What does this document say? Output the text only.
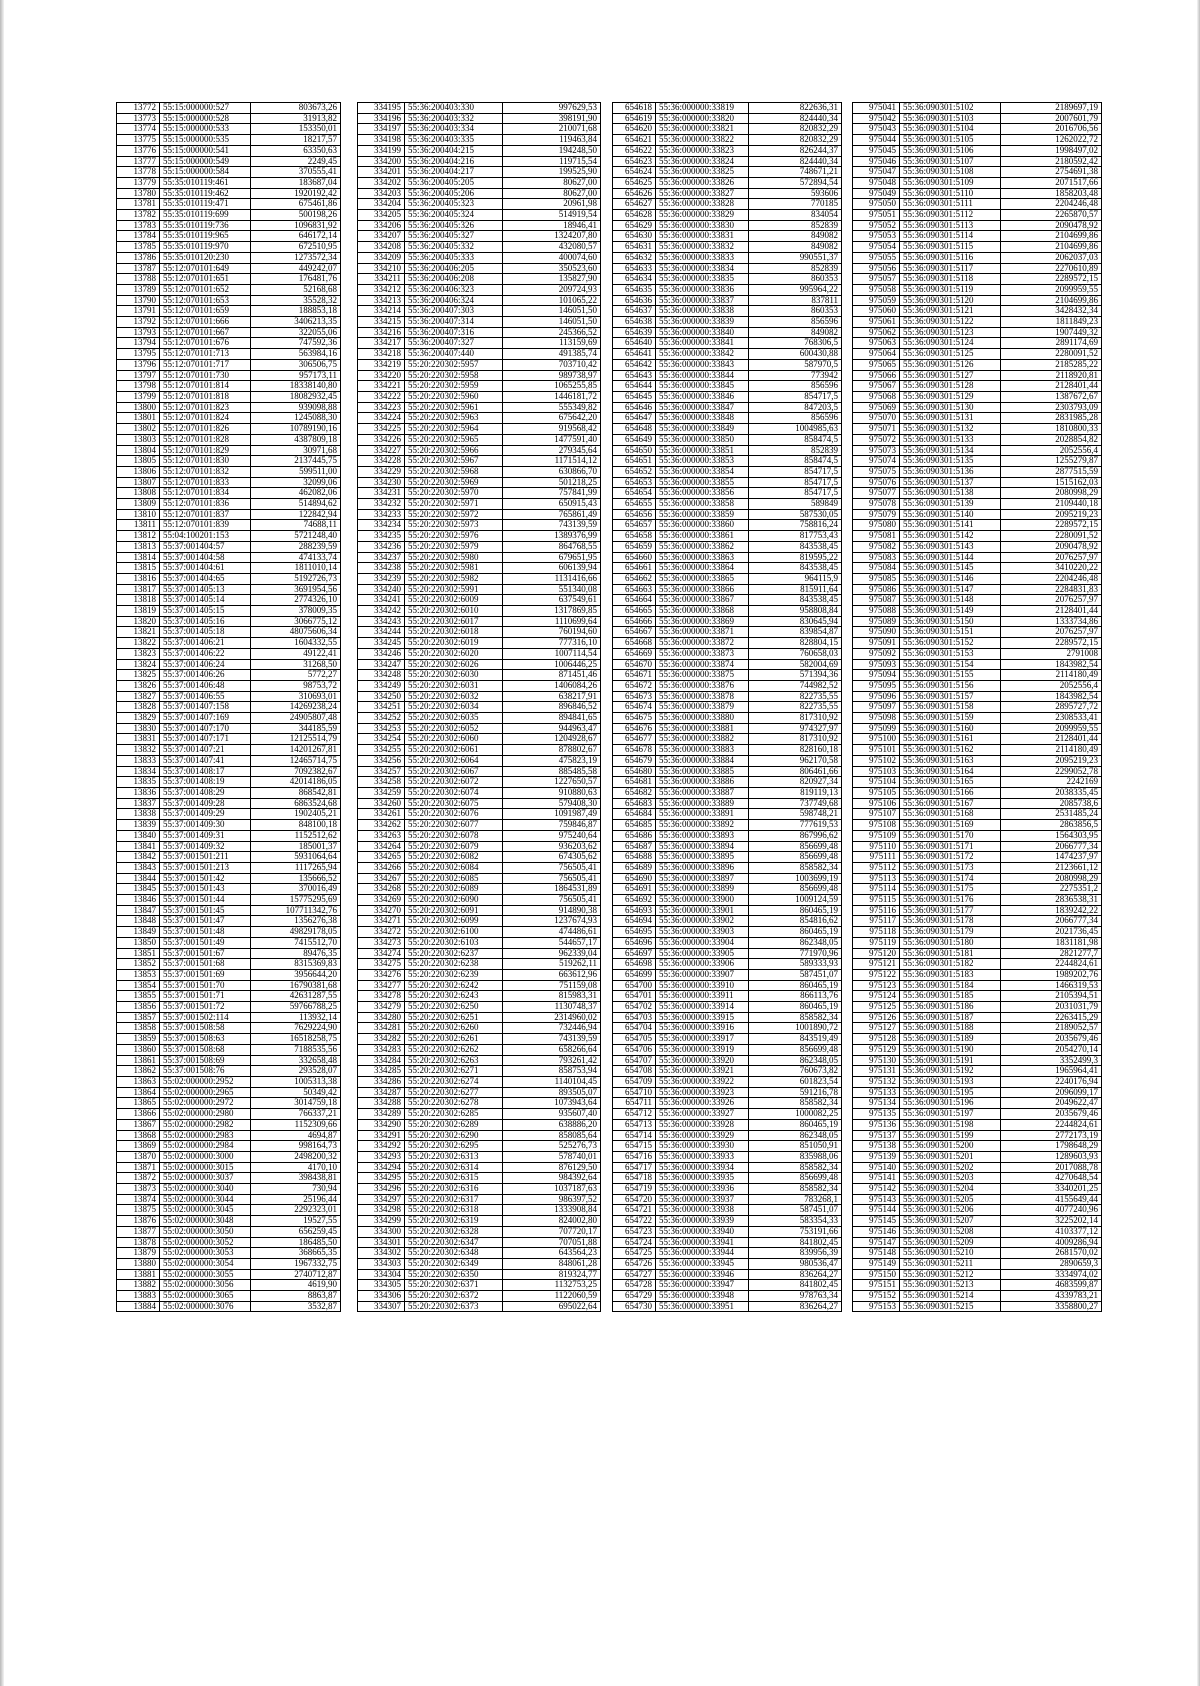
13772	55:15:000000:527	803673,26
13773	55:15:000000:528	31913,82
13774	55:15:000000:533	153350,01
13775	55:15:000000:535	18217,57
13776	55:15:000000:541	63350,63
13777	55:15:000000:549	2249,45
13778	55:15:000000:584	370555,41
13779	55:35:010119:461	183687,04
13780	55:35:010119:462	1920192,42
13781	55:35:010119:471	675461,86
13782	55:35:010119:699	500198,26
13783	55:35:010119:736	1096831,92
13784	55:35:010119:965	646172,14
13785	55:35:010119:970	672510,95
13786	55:35:010120:230	1273572,34
13787	55:12:070101:649	449242,07
13788	55:12:070101:651	176481,76
13789	55:12:070101:652	52168,68
13790	55:12:070101:653	35528,32
13791	55:12:070101:659	188853,18
13792	55:12:070101:666	3406213,35
13793	55:12:070101:667	322055,06
13794	55:12:070101:676	747592,36
13795	55:12:070101:713	563984,16
13796	55:12:070101:717	306506,75
13797	55:12:070101:730	957173,11
13798	55:12:070101:814	18338140,80
13799	55:12:070101:818	18082932,45
13800	55:12:070101:823	939098,88
13801	55:12:070101:824	1245088,30
13802	55:12:070101:826	10789190,16
13803	55:12:070101:828	4387809,18
13804	55:12:070101:829	30971,68
13805	55:12:070101:830	2137445,75
13806	55:12:070101:832	599511,00
13807	55:12:070101:833	32099,06
13808	55:12:070101:834	462082,06
13809	55:12:070101:836	514894,62
13810	55:12:070101:837	122842,94
13811	55:12:070101:839	74688,11
13812	55:04:100201:153	5721248,40
13813	55:37:001404:57	288239,59
13814	55:37:001404:58	474133,74
13815	55:37:001404:61	1811010,14
13816	55:37:001404:65	5192726,73
13817	55:37:001405:13	3691954,56
13818	55:37:001405:14	2774326,10
13819	55:37:001405:15	378009,35
13820	55:37:001405:16	3066775,12
13821	55:37:001405:18	48075606,34
13822	55:37:001406:21	1604332,55
13823	55:37:001406:22	49122,41
13824	55:37:001406:24	31268,50
13825	55:37:001406:26	5772,27
13826	55:37:001406:48	98753,72
13827	55:37:001406:55	310693,01
13828	55:37:001407:158	14269238,24
13829	55:37:001407:169	24905807,48
13830	55:37:001407:170	344185,59
13831	55:37:001407:171	12125514,79
13832	55:37:001407:21	14201267,81
13833	55:37:001407:41	12465714,75
13834	55:37:001408:17	7092382,67
13835	55:37:001408:19	42014186,05
13836	55:37:001408:29	868542,81
13837	55:37:001409:28	6863524,68
13838	55:37:001409:29	1902405,21
13839	55:37:001409:30	848100,18
13840	55:37:001409:31	1152512,62
13841	55:37:001409:32	185001,37
13842	55:37:001501:211	5931064,64
13843	55:37:001501:213	1117265,94
13844	55:37:001501:42	135666,52
13845	55:37:001501:43	370016,49
13846	55:37:001501:44	15775295,69
13847	55:37:001501:45	107711342,76
13848	55:37:001501:47	1356276,38
13849	55:37:001501:48	49829178,05
13850	55:37:001501:49	7415512,70
13851	55:37:001501:67	89476,35
13852	55:37:001501:68	8315369,83
13853	55:37:001501:69	3956644,20
13854	55:37:001501:70	16790381,68
13855	55:37:001501:71	42631287,55
13856	55:37:001501:72	59766788,25
13857	55:37:001502:114	113932,14
13858	55:37:001508:58	7629224,90
13859	55:37:001508:63	16518258,75
13860	55:37:001508:68	7188535,56
13861	55:37:001508:69	332658,48
13862	55:37:001508:76	293528,07
13863	55:02:000000:2952	1005313,38
13864	55:02:000000:2965	50349,42
13865	55:02:000000:2972	3014759,18
13866	55:02:000000:2980	766337,21
13867	55:02:000000:2982	1152309,66
13868	55:02:000000:2983	4694,87
13869	55:02:000000:2984	998164,73
13870	55:02:000000:3000	2498200,32
13871	55:02:000000:3015	4170,10
13872	55:02:000000:3037	398438,81
13873	55:02:000000:3040	730,94
13874	55:02:000000:3044	25196,44
13875	55:02:000000:3045	2292323,01
13876	55:02:000000:3048	19527,55
13877	55:02:000000:3050	656259,45
13878	55:02:000000:3052	186485,50
13879	55:02:000000:3053	368665,35
13880	55:02:000000:3054	1967332,75
13881	55:02:000000:3055	2740712,87
13882	55:02:000000:3056	4619,90
13883	55:02:000000:3065	8863,87
13884	55:02:000000:3076	3532,87
334195	55:36:200403:330	997629,53
334196	55:36:200403:332	398191,90
334197	55:36:200403:334	210071,68
334198	55:36:200403:335	119463,84
334199	55:36:200404:215	194248,50
334200	55:36:200404:216	119715,54
334201	55:36:200404:217	199525,90
334202	55:36:200405:205	80627,00
334203	55:36:200405:206	80627,00
334204	55:36:200405:323	20961,98
334205	55:36:200405:324	514919,54
334206	55:36:200405:326	18946,41
334207	55:36:200405:327	1324207,80
334208	55:36:200405:332	432080,57
334209	55:36:200405:333	400074,60
334210	55:36:200406:205	350523,60
334211	55:36:200406:208	135827,90
334212	55:36:200406:323	209724,93
334213	55:36:200406:324	101065,22
334214	55:36:200407:303	146051,50
334215	55:36:200407:314	146051,50
334216	55:36:200407:316	245366,52
334217	55:36:200407:327	113159,69
334218	55:36:200407:440	491385,74
334219	55:20:220302:5957	703710,42
334220	55:20:220302:5958	989738,97
334221	55:20:220302:5959	1065255,85
334222	55:20:220302:5960	1446181,72
334223	55:20:220302:5961	555349,82
334224	55:20:220302:5963	675642,20
334225	55:20:220302:5964	919568,42
334226	55:20:220302:5965	1477591,40
334227	55:20:220302:5966	279345,64
334228	55:20:220302:5967	1171514,12
334229	55:20:220302:5968	630866,70
334230	55:20:220302:5969	501218,25
334231	55:20:220302:5970	757841,99
334232	55:20:220302:5971	650915,43
334233	55:20:220302:5972	765861,49
334234	55:20:220302:5973	743139,59
334235	55:20:220302:5976	1389376,99
334236	55:20:220302:5979	864768,55
334237	55:20:220302:5980	679651,95
334238	55:20:220302:5981	606139,94
334239	55:20:220302:5982	1131416,66
334240	55:20:220302:5991	551340,08
334241	55:20:220302:6009	637549,61
334242	55:20:220302:6010	1317869,85
334243	55:20:220302:6017	1110699,64
334244	55:20:220302:6018	760194,60
334245	55:20:220302:6019	777316,10
334246	55:20:220302:6020	1007114,54
334247	55:20:220302:6026	1006446,25
334248	55:20:220302:6030	871451,46
334249	55:20:220302:6031	1406084,26
334250	55:20:220302:6032	638217,91
334251	55:20:220302:6034	896846,52
334252	55:20:220302:6035	894841,65
334253	55:20:220302:6052	944963,47
334254	55:20:220302:6060	1204928,67
334255	55:20:220302:6061	878802,67
334256	55:20:220302:6064	475823,19
334257	55:20:220302:6067	885485,58
334258	55:20:220302:6072	1227650,57
334259	55:20:220302:6074	910880,63
334260	55:20:220302:6075	579408,30
334261	55:20:220302:6076	1091987,49
334262	55:20:220302:6077	759846,87
334263	55:20:220302:6078	975240,64
334264	55:20:220302:6079	936203,62
334265	55:20:220302:6082	674305,62
334266	55:20:220302:6084	756505,41
334267	55:20:220302:6085	756505,41
334268	55:20:220302:6089	1864531,89
334269	55:20:220302:6090	756505,41
334270	55:20:220302:6091	914890,38
334271	55:20:220302:6099	1237674,93
334272	55:20:220302:6100	474486,61
334273	55:20:220302:6103	544657,17
334274	55:20:220302:6237	962339,04
334275	55:20:220302:6238	519262,11
334276	55:20:220302:6239	663612,96
334277	55:20:220302:6242	751159,08
334278	55:20:220302:6243	815983,31
334279	55:20:220302:6250	1130748,37
334280	55:20:220302:6251	2314960,02
334281	55:20:220302:6260	732446,94
334282	55:20:220302:6261	743139,59
334283	55:20:220302:6262	658266,64
334284	55:20:220302:6263	793261,42
334285	55:20:220302:6271	858753,94
334286	55:20:220302:6274	1140104,45
334287	55:20:220302:6277	893505,07
334288	55:20:220302:6278	1073943,64
334289	55:20:220302:6285	935607,40
334290	55:20:220302:6289	638886,20
334291	55:20:220302:6290	858085,64
334292	55:20:220302:6295	525276,73
334293	55:20:220302:6313	578740,01
334294	55:20:220302:6314	876129,50
334295	55:20:220302:6315	984392,64
334296	55:20:220302:6316	1037187,63
334297	55:20:220302:6317	986397,52
334298	55:20:220302:6318	1333908,84
334299	55:20:220302:6319	824002,80
334300	55:20:220302:6328	707720,17
334301	55:20:220302:6347	707051,88
334302	55:20:220302:6348	643564,23
334303	55:20:220302:6349	848061,28
334304	55:20:220302:6350	819324,77
334305	55:20:220302:6371	1132753,25
334306	55:20:220302:6372	1122060,59
334307	55:20:220302:6373	695022,64
654618	55:36:000000:33819	822636,31
654619	55:36:000000:33820	824440,34
654620	55:36:000000:33821	820832,29
654621	55:36:000000:33822	820832,29
654622	55:36:000000:33823	826244,37
654623	55:36:000000:33824	824440,34
654624	55:36:000000:33825	748671,21
654625	55:36:000000:33826	572894,54
654626	55:36:000000:33827	593606
654627	55:36:000000:33828	770185
654628	55:36:000000:33829	834054
654629	55:36:000000:33830	852839
654630	55:36:000000:33831	849082
654631	55:36:000000:33832	849082
654632	55:36:000000:33833	990551,37
654633	55:36:000000:33834	852839
654634	55:36:000000:33835	860353
654635	55:36:000000:33836	995964,22
654636	55:36:000000:33837	837811
654637	55:36:000000:33838	860353
654638	55:36:000000:33839	856596
654639	55:36:000000:33840	849082
654640	55:36:000000:33841	768306,5
654641	55:36:000000:33842	600430,88
654642	55:36:000000:33843	587970,5
654643	55:36:000000:33844	773942
654644	55:36:000000:33845	856596
654645	55:36:000000:33846	854717,5
654646	55:36:000000:33847	847203,5
654647	55:36:000000:33848	856596
654648	55:36:000000:33849	1004985,63
654649	55:36:000000:33850	858474,5
654650	55:36:000000:33851	852839
654651	55:36:000000:33853	858474,5
654652	55:36:000000:33854	854717,5
654653	55:36:000000:33855	854717,5
654654	55:36:000000:33856	854717,5
654655	55:36:000000:33858	589849
654656	55:36:000000:33859	587530,05
654657	55:36:000000:33860	758816,24
654658	55:36:000000:33861	817753,43
654659	55:36:000000:33862	843538,45
654660	55:36:000000:33863	819595,22
654661	55:36:000000:33864	843538,45
654662	55:36:000000:33865	964115,9
654663	55:36:000000:33866	815911,64
654664	55:36:000000:33867	843538,45
654665	55:36:000000:33868	958808,84
654666	55:36:000000:33869	830645,94
654667	55:36:000000:33871	839854,87
654668	55:36:000000:33872	828804,15
654669	55:36:000000:33873	760658,03
654670	55:36:000000:33874	582004,69
654671	55:36:000000:33875	571394,36
654672	55:36:000000:33876	744982,52
654673	55:36:000000:33878	822735,55
654674	55:36:000000:33879	822735,55
654675	55:36:000000:33880	817310,92
654676	55:36:000000:33881	974327,97
654677	55:36:000000:33882	817310,92
654678	55:36:000000:33883	828160,18
654679	55:36:000000:33884	962170,58
654680	55:36:000000:33885	806461,66
654681	55:36:000000:33886	820927,34
654682	55:36:000000:33887	819119,13
654683	55:36:000000:33889	737749,68
654684	55:36:000000:33891	598748,21
654685	55:36:000000:33892	777619,53
654686	55:36:000000:33893	867996,62
654687	55:36:000000:33894	856699,48
654688	55:36:000000:33895	856699,48
654689	55:36:000000:33896	858582,34
654690	55:36:000000:33897	1003699,19
654691	55:36:000000:33899	856699,48
654692	55:36:000000:33900	1009124,59
654693	55:36:000000:33901	860465,19
654694	55:36:000000:33902	854816,62
654695	55:36:000000:33903	860465,19
654696	55:36:000000:33904	862348,05
654697	55:36:000000:33905	771970,96
654698	55:36:000000:33906	589333,93
654699	55:36:000000:33907	587451,07
654700	55:36:000000:33910	860465,19
654701	55:36:000000:33911	866113,76
654702	55:36:000000:33914	860465,19
654703	55:36:000000:33915	858582,34
654704	55:36:000000:33916	1001890,72
654705	55:36:000000:33917	843519,49
654706	55:36:000000:33919	856699,48
654707	55:36:000000:33920	862348,05
654708	55:36:000000:33921	760673,82
654709	55:36:000000:33922	601823,54
654710	55:36:000000:33923	591216,78
654711	55:36:000000:33926	858582,34
654712	55:36:000000:33927	1000082,25
654713	55:36:000000:33928	860465,19
654714	55:36:000000:33929	862348,05
654715	55:36:000000:33930	851050,91
654716	55:36:000000:33933	835988,06
654717	55:36:000000:33934	858582,34
654718	55:36:000000:33935	856699,48
654719	55:36:000000:33936	858582,34
654720	55:36:000000:33937	783268,1
654721	55:36:000000:33938	587451,07
654722	55:36:000000:33939	583354,33
654723	55:36:000000:33940	753191,66
654724	55:36:000000:33941	841802,45
654725	55:36:000000:33944	839956,39
654726	55:36:000000:33945	980536,47
654727	55:36:000000:33946	836264,27
654728	55:36:000000:33947	841802,45
654729	55:36:000000:33948	978763,34
654730	55:36:000000:33951	836264,27
975041	55:36:090301:5102	2189697,19
975042	55:36:090301:5103	2007601,79
975043	55:36:090301:5104	2016706,56
975044	55:36:090301:5105	1262022,72
975045	55:36:090301:5106	1998497,02
975046	55:36:090301:5107	2180592,42
975047	55:36:090301:5108	2754691,38
975048	55:36:090301:5109	2071517,66
975049	55:36:090301:5110	1858203,48
975050	55:36:090301:5111	2204246,48
975051	55:36:090301:5112	2265870,57
975052	55:36:090301:5113	2090478,92
975053	55:36:090301:5114	2104699,86
975054	55:36:090301:5115	2104699,86
975055	55:36:090301:5116	2062037,03
975056	55:36:090301:5117	2270610,89
975057	55:36:090301:5118	2289572,15
975058	55:36:090301:5119	2099959,55
975059	55:36:090301:5120	2104699,86
975060	55:36:090301:5121	3428432,34
975061	55:36:090301:5122	1811849,23
975062	55:36:090301:5123	1907449,32
975063	55:36:090301:5124	2891174,69
975064	55:36:090301:5125	2280091,52
975065	55:36:090301:5126	2185285,22
975066	55:36:090301:5127	2118920,81
975067	55:36:090301:5128	2128401,44
975068	55:36:090301:5129	1387672,67
975069	55:36:090301:5130	2303793,09
975070	55:36:090301:5131	2831985,28
975071	55:36:090301:5132	1810800,33
975072	55:36:090301:5133	2028854,82
975073	55:36:090301:5134	2052556,4
975074	55:36:090301:5135	1255279,87
975075	55:36:090301:5136	2877515,59
975076	55:36:090301:5137	1515162,03
975077	55:36:090301:5138	2080998,29
975078	55:36:090301:5139	2109440,18
975079	55:36:090301:5140	2095219,23
975080	55:36:090301:5141	2289572,15
975081	55:36:090301:5142	2280091,52
975082	55:36:090301:5143	2090478,92
975083	55:36:090301:5144	2076257,97
975084	55:36:090301:5145	3410220,22
975085	55:36:090301:5146	2204246,48
975086	55:36:090301:5147	2284831,83
975087	55:36:090301:5148	2076257,97
975088	55:36:090301:5149	2128401,44
975089	55:36:090301:5150	1333734,86
975090	55:36:090301:5151	2076257,97
975091	55:36:090301:5152	2289572,15
975092	55:36:090301:5153	2791008
975093	55:36:090301:5154	1843982,54
975094	55:36:090301:5155	2114180,49
975095	55:36:090301:5156	2052556,4
975096	55:36:090301:5157	1843982,54
975097	55:36:090301:5158	2895727,72
975098	55:36:090301:5159	2308533,41
975099	55:36:090301:5160	2099959,55
975100	55:36:090301:5161	2128401,44
975101	55:36:090301:5162	2114180,49
975102	55:36:090301:5163	2095219,23
975103	55:36:090301:5164	2299052,78
975104	55:36:090301:5165	2242169
975105	55:36:090301:5166	2038335,45
975106	55:36:090301:5167	2085738,6
975107	55:36:090301:5168	2531485,24
975108	55:36:090301:5169	2863856,5
975109	55:36:090301:5170	1564303,95
975110	55:36:090301:5171	2066777,34
975111	55:36:090301:5172	1474237,97
975112	55:36:090301:5173	2123661,12
975113	55:36:090301:5174	2080998,29
975114	55:36:090301:5175	2275351,2
975115	55:36:090301:5176	2836538,31
975116	55:36:090301:5177	1839242,22
975117	55:36:090301:5178	2066777,34
975118	55:36:090301:5179	2021736,45
975119	55:36:090301:5180	1831181,98
975120	55:36:090301:5181	2821277,7
975121	55:36:090301:5182	2244824,61
975122	55:36:090301:5183	1989202,76
975123	55:36:090301:5184	1466319,53
975124	55:36:090301:5185	2105394,51
975125	55:36:090301:5186	2031031,79
975126	55:36:090301:5187	2263415,29
975127	55:36:090301:5188	2189052,57
975128	55:36:090301:5189	2035679,46
975129	55:36:090301:5190	2054270,14
975130	55:36:090301:5191	3352499,3
975131	55:36:090301:5192	1965964,41
975132	55:36:090301:5193	2240176,94
975133	55:36:090301:5195	2096099,17
975134	55:36:090301:5196	2049622,47
975135	55:36:090301:5197	2035679,46
975136	55:36:090301:5198	2244824,61
975137	55:36:090301:5199	2772173,19
975138	55:36:090301:5200	1798648,29
975139	55:36:090301:5201	1289603,93
975140	55:36:090301:5202	2017088,78
975141	55:36:090301:5203	4270648,54
975142	55:36:090301:5204	3340201,25
975143	55:36:090301:5205	4155649,44
975144	55:36:090301:5206	4077240,96
975145	55:36:090301:5207	3225202,14
975146	55:36:090301:5208	4103377,12
975147	55:36:090301:5209	4009286,94
975148	55:36:090301:5210	2681570,02
975149	55:36:090301:5211	2890659,3
975150	55:36:090301:5212	3334974,02
975151	55:36:090301:5213	4683599,87
975152	55:36:090301:5214	4339783,21
975153	55:36:090301:5215	3358800,27
